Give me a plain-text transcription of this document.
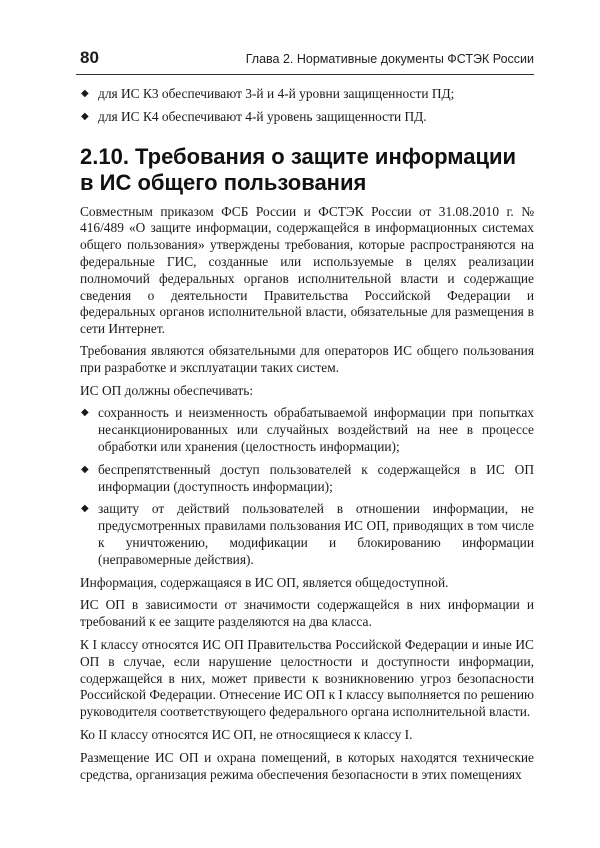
80	Глава 2. Нормативные документы ФСТЭК России
◆ для ИС К3 обеспечивают 3-й и 4-й уровни защищенности ПД;
◆ для ИС К4 обеспечивают 4-й уровень защищенности ПД.
2.10. Требования о защите информации в ИС общего пользования

Совместным приказом ФСБ России и ФСТЭК России от 31.08.2010 г. № 416/489 «О защите информации, содержащейся в информационных системах общего пользования» утверждены требования, которые распространяются на федеральные ГИС, созданные или используемые в целях реализации полномочий федеральных органов исполнительной власти и содержащие сведения о деятельности Правительства Российской Федерации и федеральных органов исполнительной власти, обязательные для размещения в сети Интернет.

Требования являются обязательными для операторов ИС общего пользования при разработке и эксплуатации таких систем.

ИС ОП должны обеспечивать:

◆ сохранность и неизменность обрабатываемой информации при попытках несанкционированных или случайных воздействий на нее в процессе обработки или хранения (целостность информации);
◆ беспрепятственный доступ пользователей к содержащейся в ИС ОП информации (доступность информации);
◆ защиту от действий пользователей в отношении информации, не предусмотренных правилами пользования ИС ОП, приводящих в том числе к уничтожению, модификации и блокированию информации (неправомерные действия).

Информация, содержащаяся в ИС ОП, является общедоступной.

ИС ОП в зависимости от значимости содержащейся в них информации и требований к ее защите разделяются на два класса.

К I классу относятся ИС ОП Правительства Российской Федерации и иные ИС ОП в случае, если нарушение целостности и доступности информации, содержащейся в них, может привести к возникновению угроз безопасности Российской Федерации. Отнесение ИС ОП к I классу выполняется по решению руководителя соответствующего федерального органа исполнительной власти.

Ко II классу относятся ИС ОП, не относящиеся к классу I.

Размещение ИС ОП и охрана помещений, в которых находятся технические средства, организация режима обеспечения безопасности в этих помещениях
